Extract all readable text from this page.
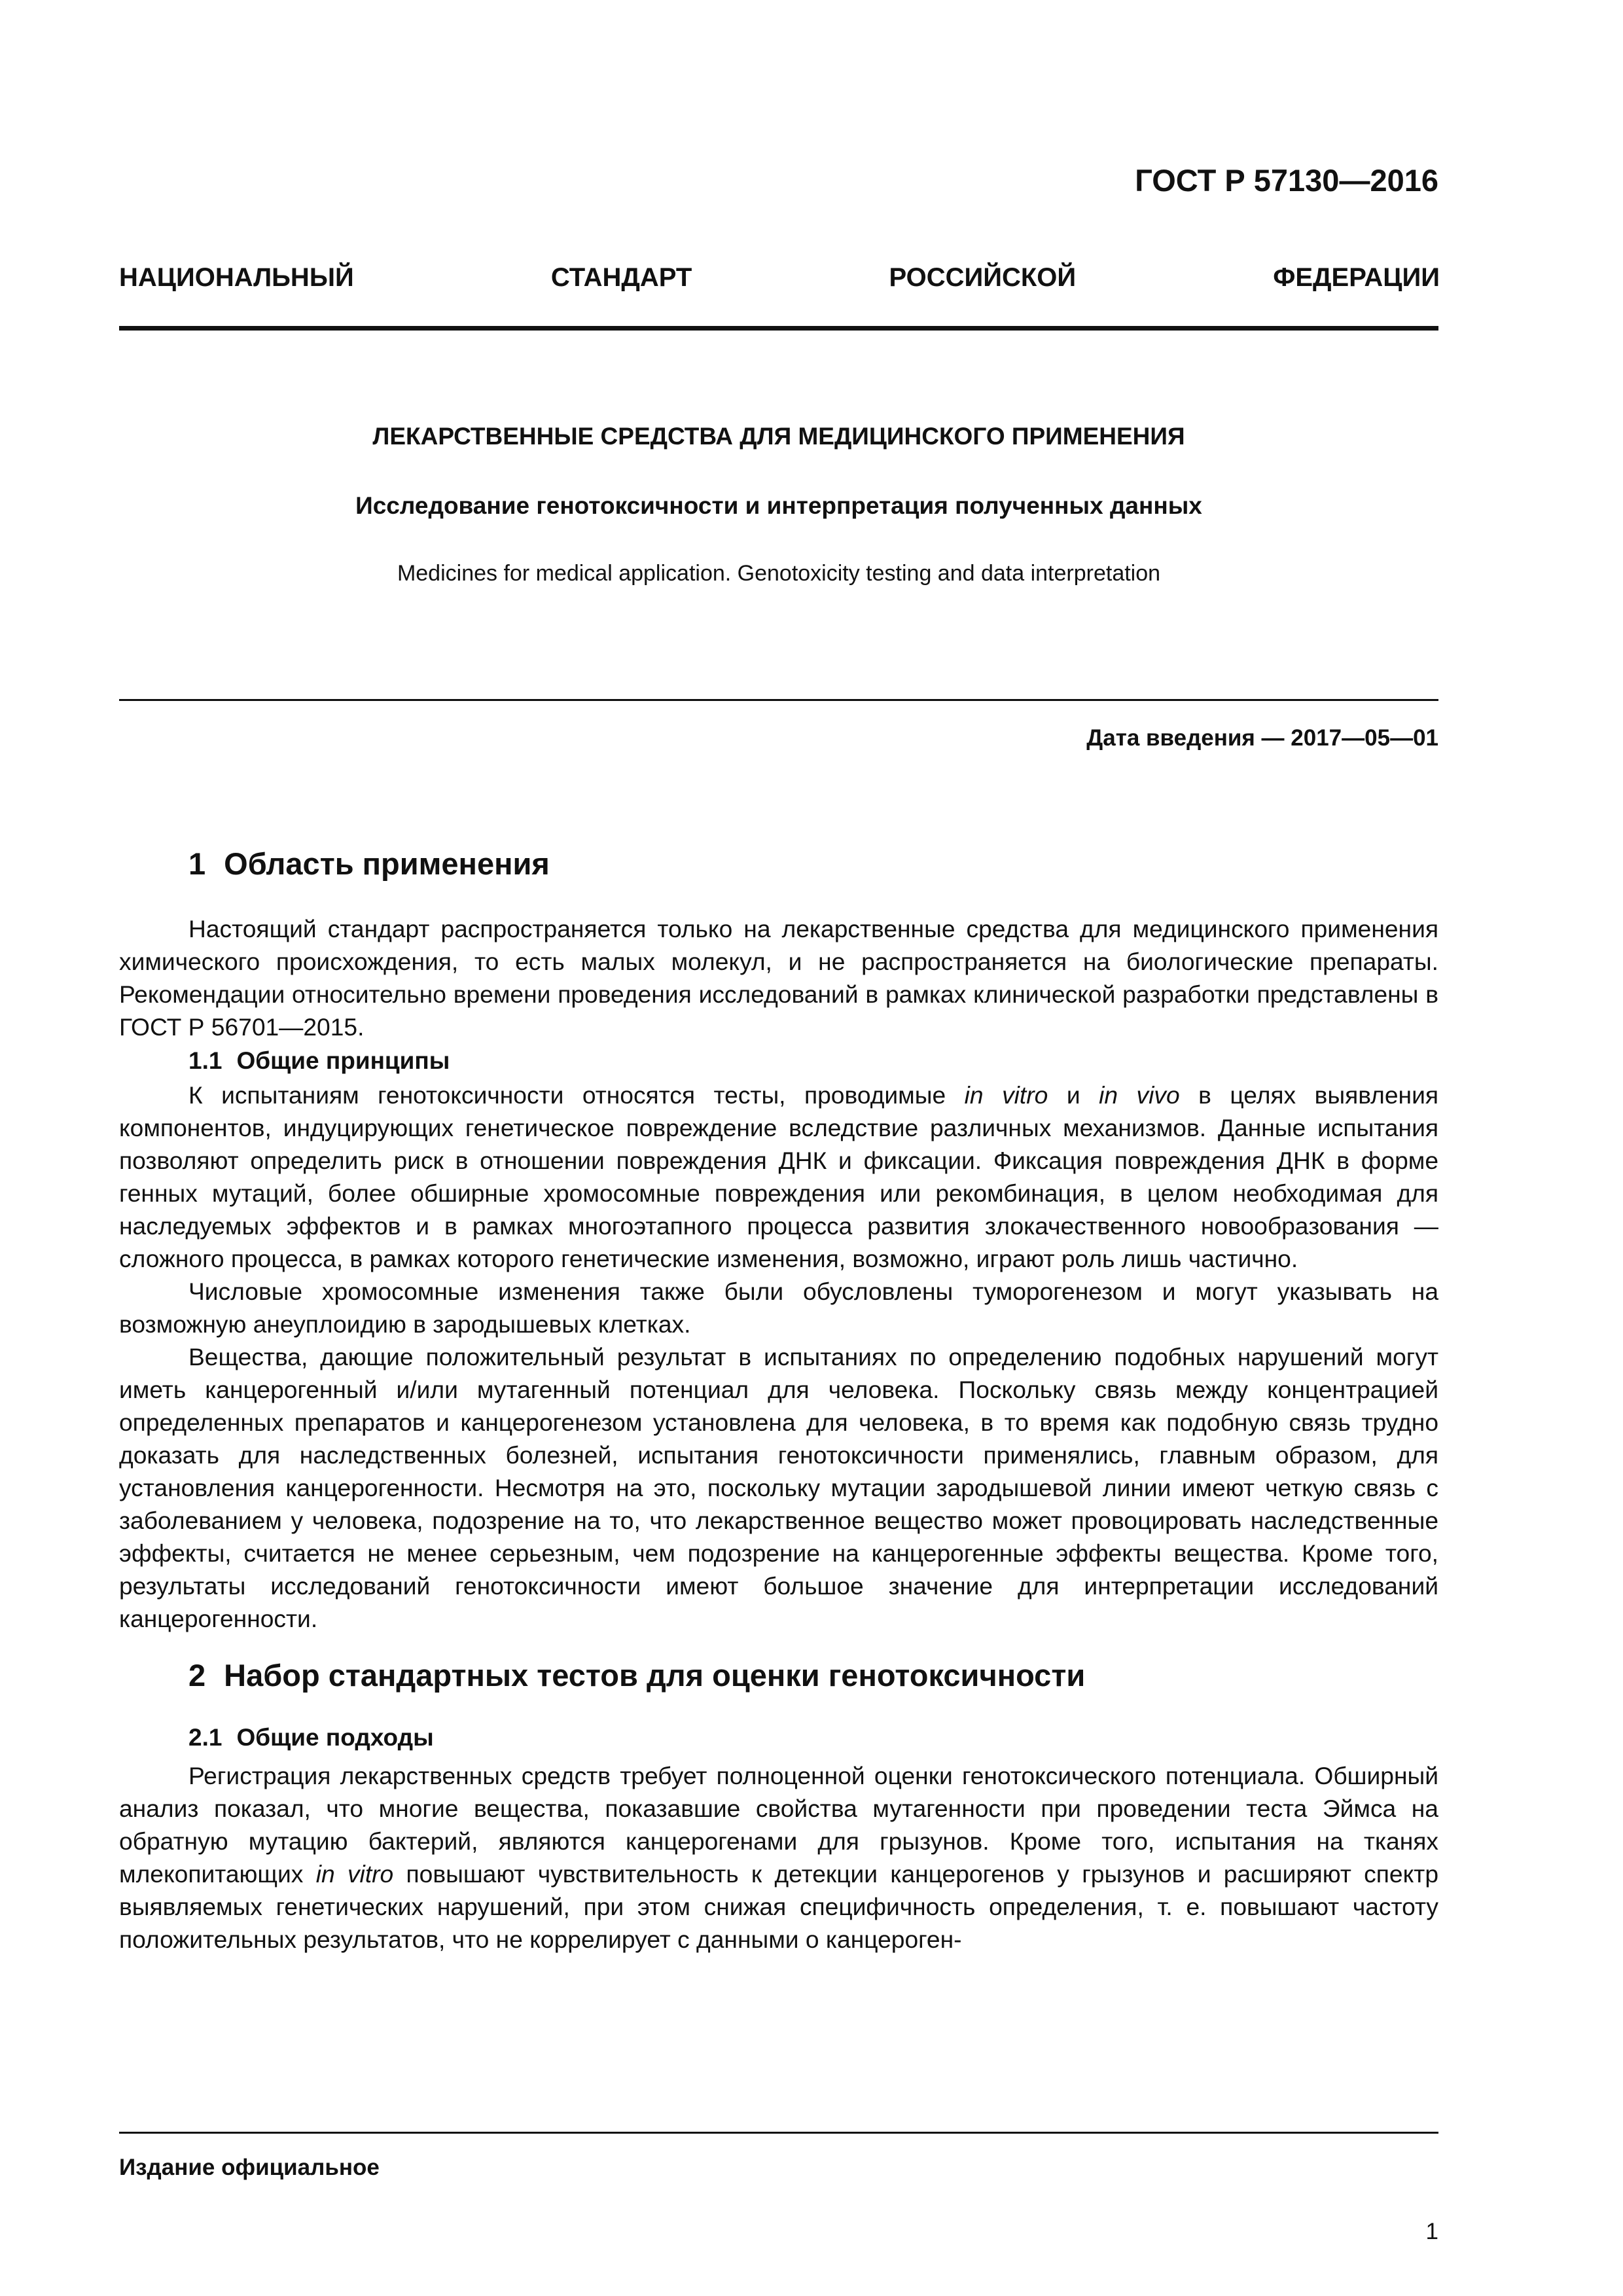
ГОСТ Р 57130—2016

НАЦИОНАЛЬНЫЙ   СТАНДАРТ   РОССИЙСКОЙ   ФЕДЕРАЦИИ

ЛЕКАРСТВЕННЫЕ СРЕДСТВА ДЛЯ МЕДИЦИНСКОГО ПРИМЕНЕНИЯ

Исследование генотоксичности и интерпретация полученных данных

Medicines for medical application. Genotoxicity testing and data interpretation

Дата введения — 2017—05—01

1 Область применения

Настоящий стандарт распространяется только на лекарственные средства для медицинского применения химического происхождения, то есть малых молекул, и не распространяется на биологические препараты. Рекомендации относительно времени проведения исследований в рамках клинической разработки представлены в ГОСТ Р 56701—2015.

1.1 Общие принципы

К испытаниям генотоксичности относятся тесты, проводимые in vitro и in vivo в целях выявления компонентов, индуцирующих генетическое повреждение вследствие различных механизмов. Данные испытания позволяют определить риск в отношении повреждения ДНК и фиксации. Фиксация повреждения ДНК в форме генных мутаций, более обширные хромосомные повреждения или рекомбинация, в целом необходимая для наследуемых эффектов и в рамках многоэтапного процесса развития злокачественного новообразования — сложного процесса, в рамках которого генетические изменения, возможно, играют роль лишь частично.

Числовые хромосомные изменения также были обусловлены туморогенезом и могут указывать на возможную анеуплоидию в зародышевых клетках.

Вещества, дающие положительный результат в испытаниях по определению подобных нарушений могут иметь канцерогенный и/или мутагенный потенциал для человека. Поскольку связь между концентрацией определенных препаратов и канцерогенезом установлена для человека, в то время как подобную связь трудно доказать для наследственных болезней, испытания генотоксичности применялись, главным образом, для установления канцерогенности. Несмотря на это, поскольку мутации зародышевой линии имеют четкую связь с заболеванием у человека, подозрение на то, что лекарственное вещество может провоцировать наследственные эффекты, считается не менее серьезным, чем подозрение на канцерогенные эффекты вещества. Кроме того, результаты исследований генотоксичности имеют большое значение для интерпретации исследований канцерогенности.

2 Набор стандартных тестов для оценки генотоксичности
2.1 Общие подходы

Регистрация лекарственных средств требует полноценной оценки генотоксического потенциала. Обширный анализ показал, что многие вещества, показавшие свойства мутагенности при проведении теста Эймса на обратную мутацию бактерий, являются канцерогенами для грызунов. Кроме того, испытания на тканях млекопитающих in vitro повышают чувствительность к детекции канцерогенов у грызунов и расширяют спектр выявляемых генетических нарушений, при этом снижая специфичность определения, т. е. повышают частоту положительных результатов, что не коррелирует с данными о канцероген-

Издание официальное

1
